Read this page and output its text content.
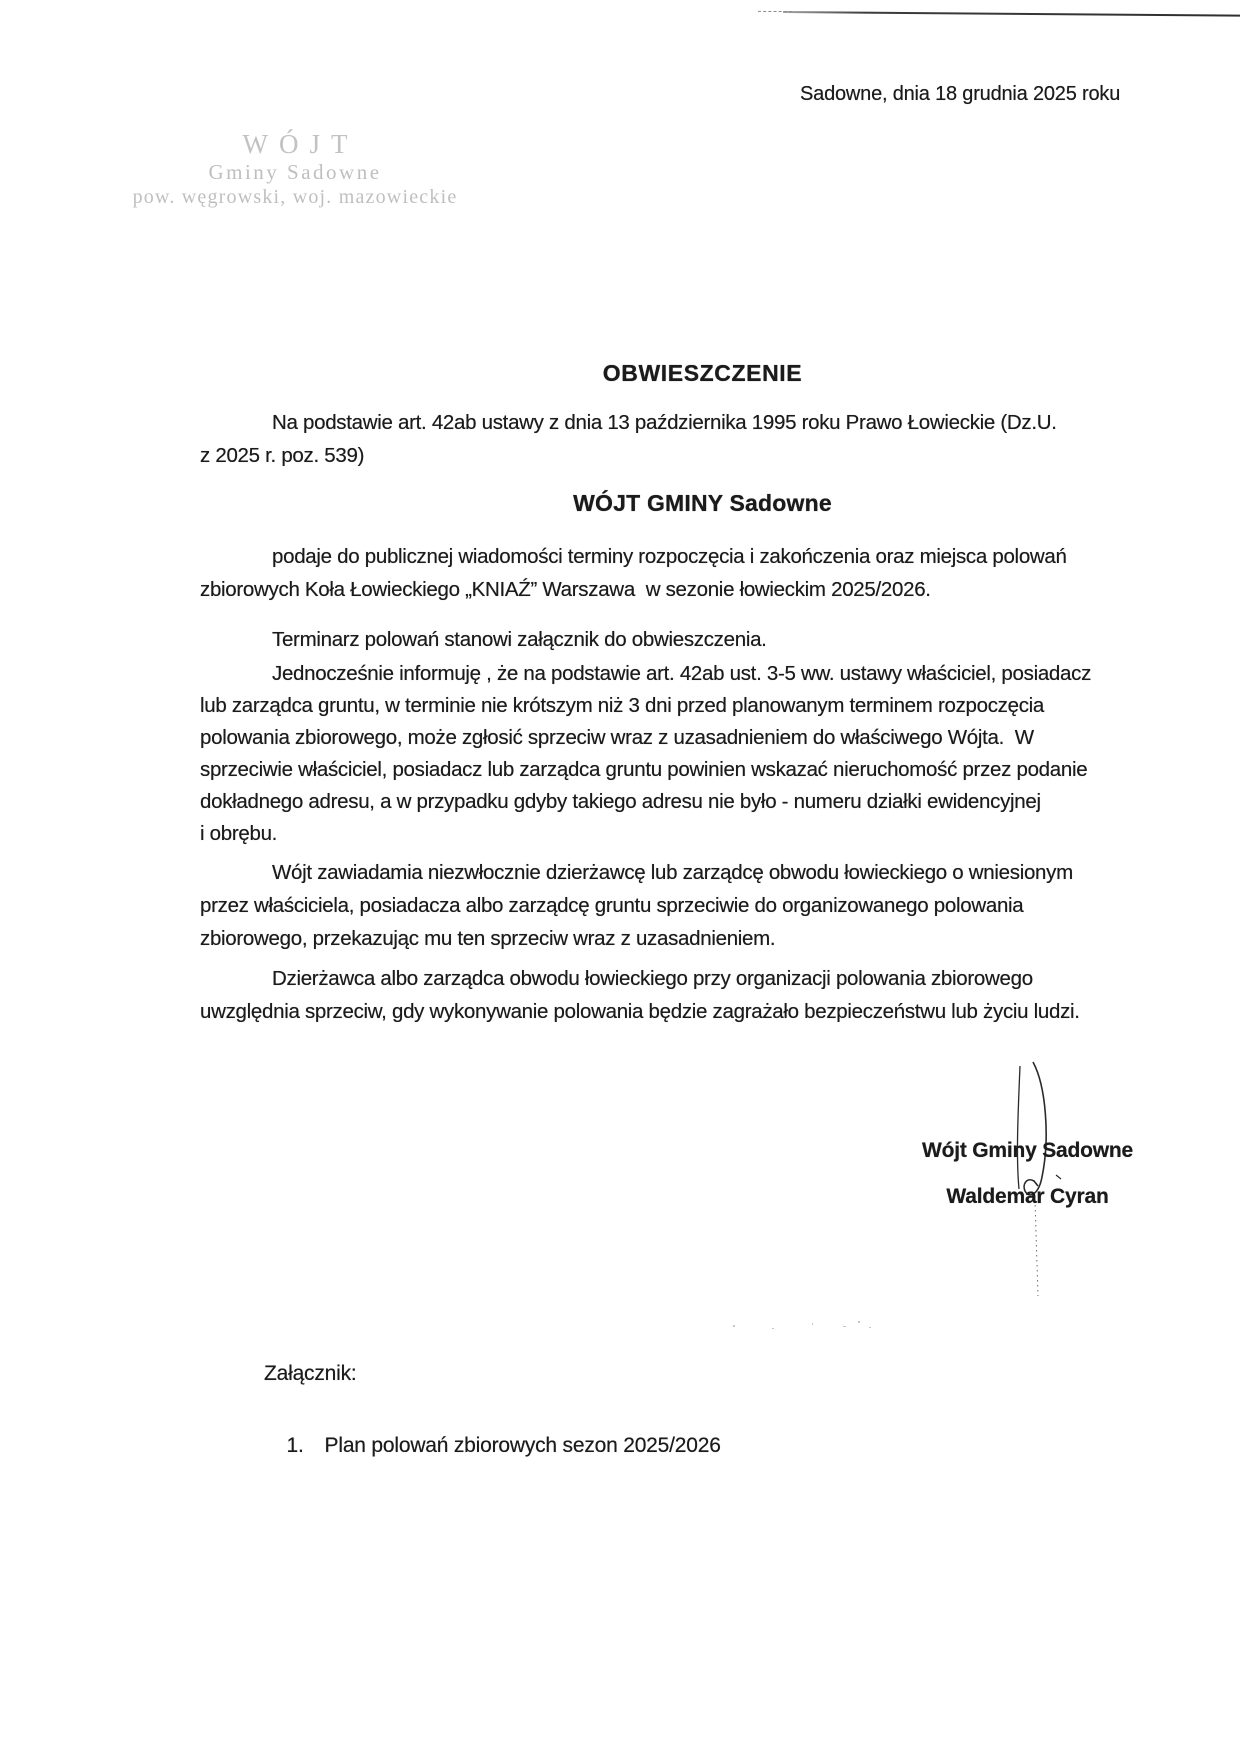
Sadowne, dnia 18 grudnia 2025 roku
WÓJT
Gminy Sadowne
pow. węgrowski, woj. mazowieckie
OBWIESZCZENIE
Na podstawie art. 42ab ustawy z dnia 13 października 1995 roku Prawo Łowieckie (Dz.U.
z 2025 r. poz. 539)
WÓJT GMINY Sadowne
podaje do publicznej wiadomości terminy rozpoczęcia i zakończenia oraz miejsca polowań
zbiorowych Koła Łowieckiego „KNIAŹ” Warszawa  w sezonie łowieckim 2025/2026.
Terminarz polowań stanowi załącznik do obwieszczenia.
Jednocześnie informuję , że na podstawie art. 42ab ust. 3-5 ww. ustawy właściciel, posiadacz
lub zarządca gruntu, w terminie nie krótszym niż 3 dni przed planowanym terminem rozpoczęcia
polowania zbiorowego, może zgłosić sprzeciw wraz z uzasadnieniem do właściwego Wójta.  W
sprzeciwie właściciel, posiadacz lub zarządca gruntu powinien wskazać nieruchomość przez podanie
dokładnego adresu, a w przypadku gdyby takiego adresu nie było - numeru działki ewidencyjnej
i obrębu.
Wójt zawiadamia niezwłocznie dzierżawcę lub zarządcę obwodu łowieckiego o wniesionym
przez właściciela, posiadacza albo zarządcę gruntu sprzeciwie do organizowanego polowania
zbiorowego, przekazując mu ten sprzeciw wraz z uzasadnieniem.
Dzierżawca albo zarządca obwodu łowieckiego przy organizacji polowania zbiorowego
uwzględnia sprzeciw, gdy wykonywanie polowania będzie zagrażało bezpieczeństwu lub życiu ludzi.
Wójt Gminy Sadowne
Waldemar Cyran
Załącznik:

1. Plan polowań zbiorowych sezon 2025/2026
